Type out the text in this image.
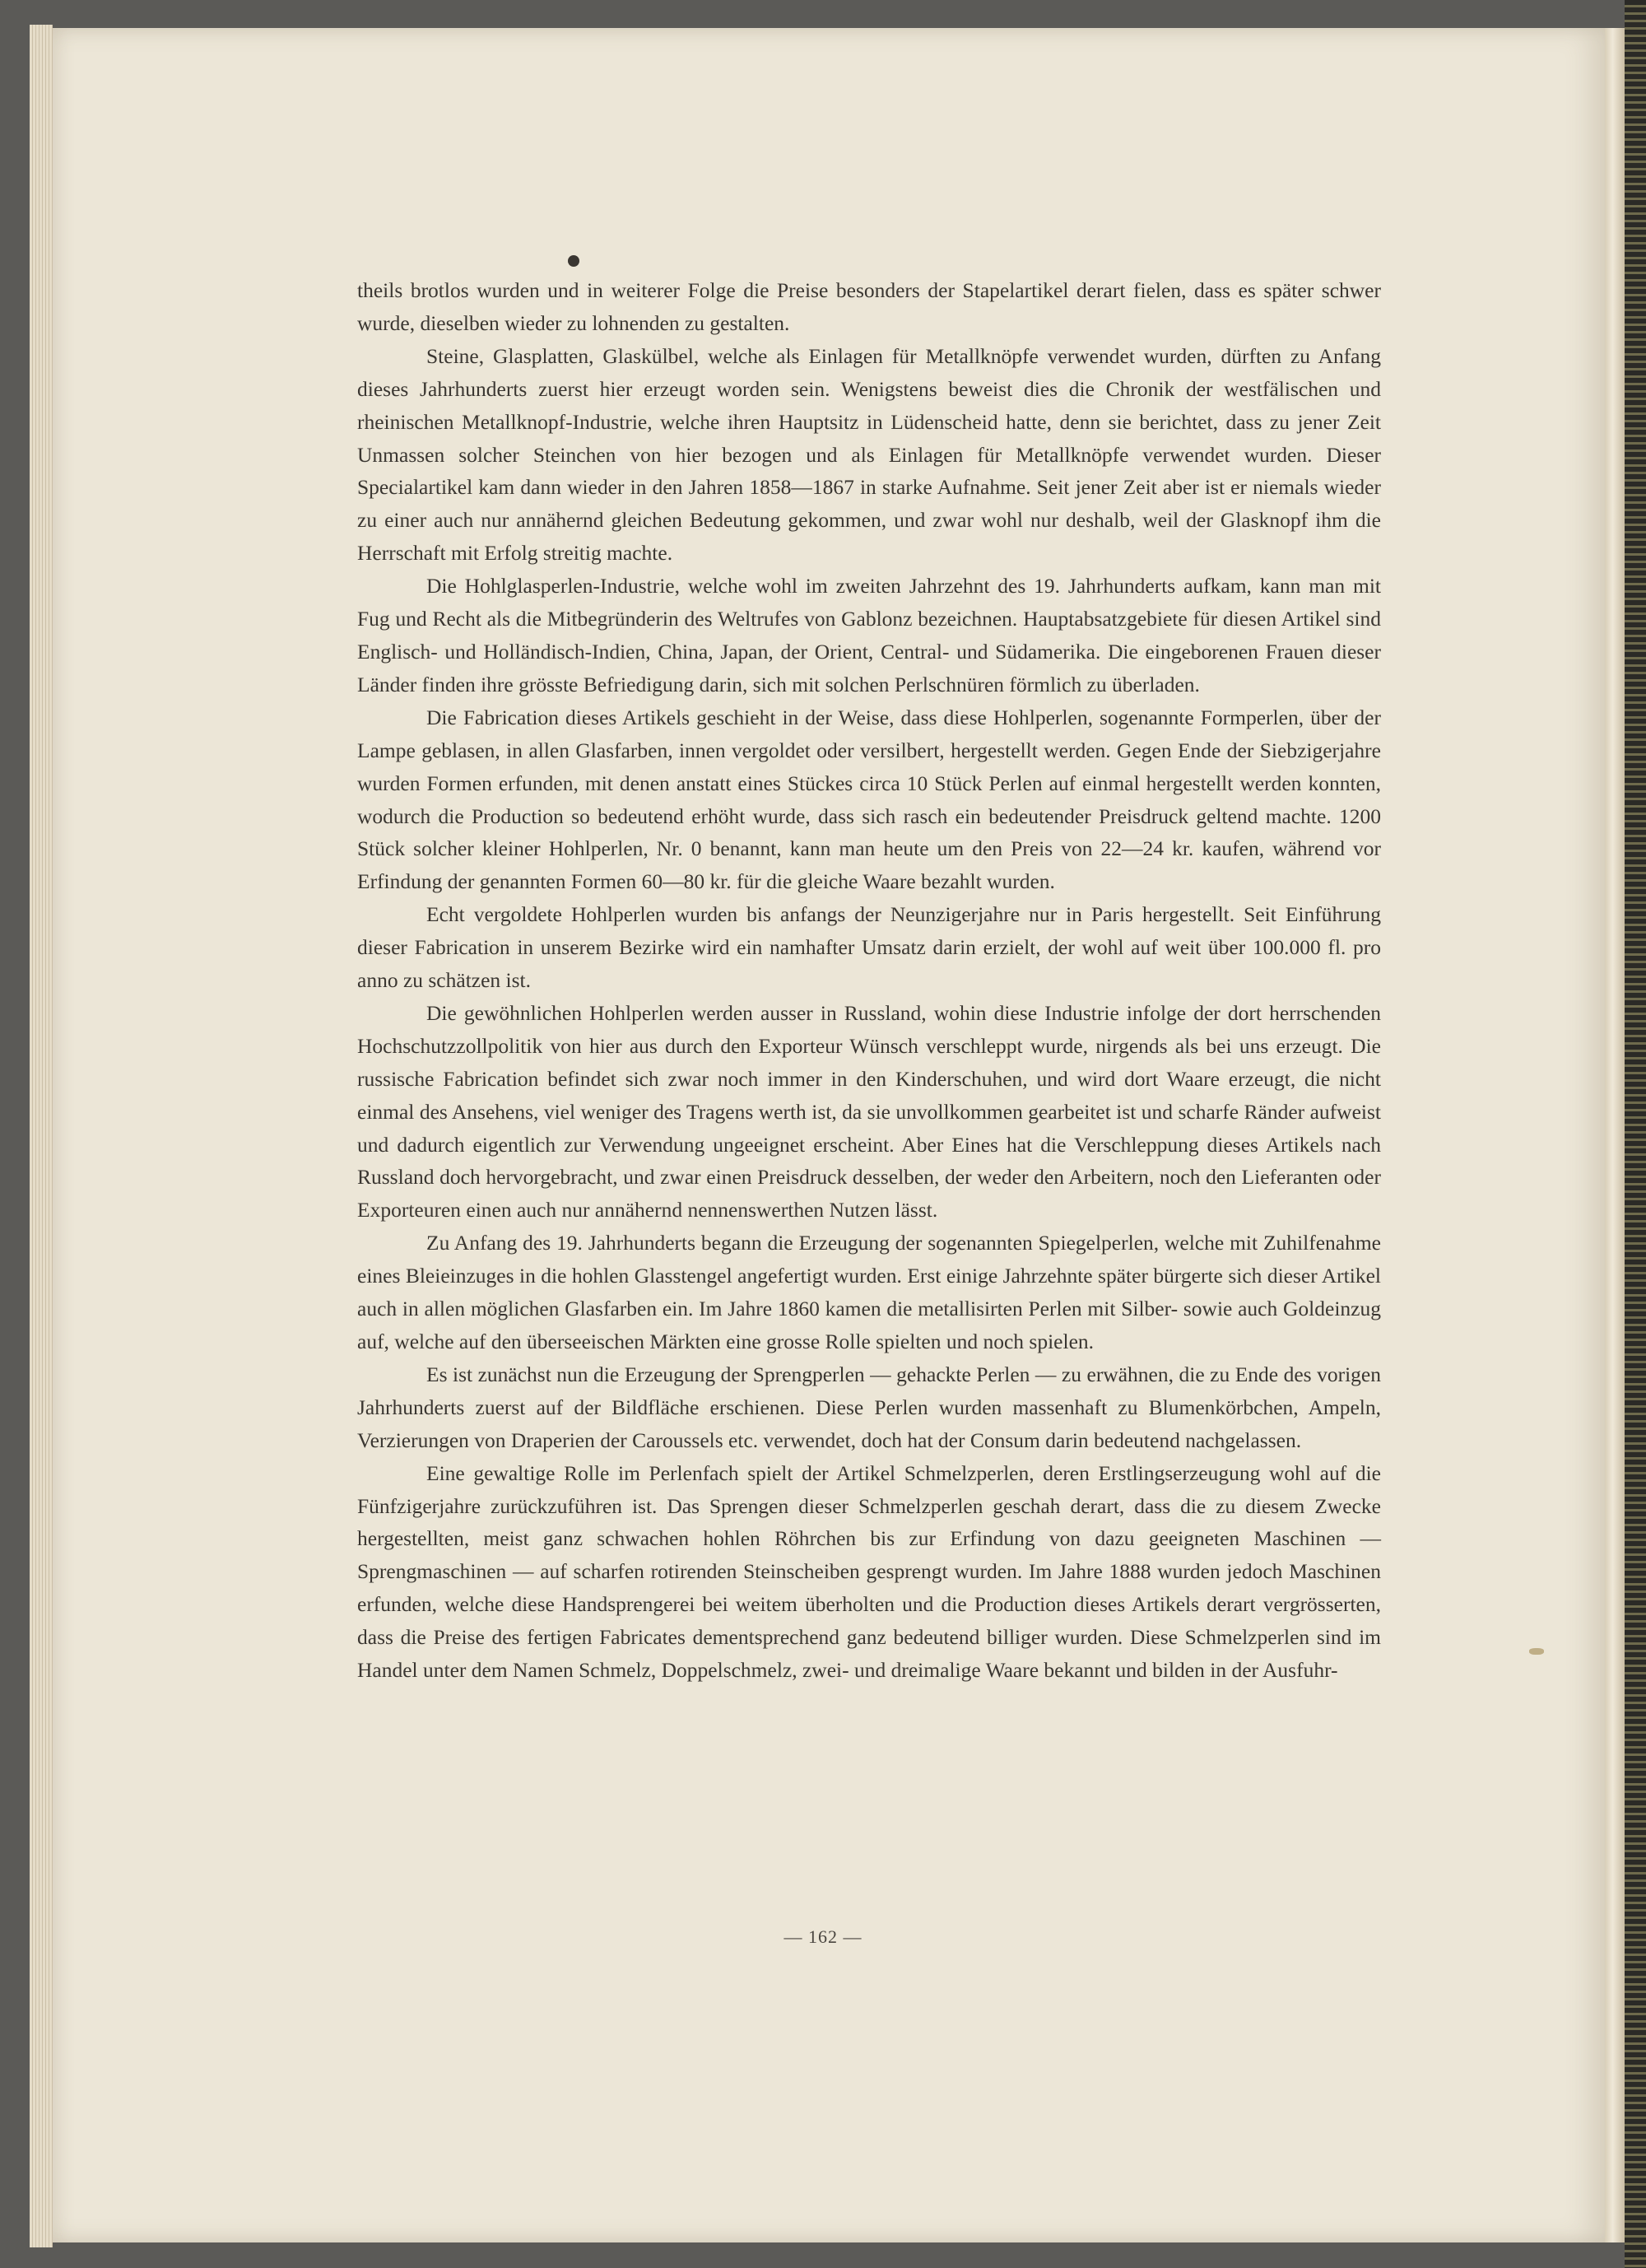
theils brotlos wurden und in weiterer Folge die Preise besonders der Stapelartikel derart fielen, dass es später schwer wurde, dieselben wieder zu lohnenden zu gestalten.

Steine, Glasplatten, Glaskülbel, welche als Einlagen für Metallknöpfe verwendet wurden, dürften zu Anfang dieses Jahrhunderts zuerst hier erzeugt worden sein. Wenigstens beweist dies die Chronik der westfälischen und rheinischen Metallknopf-Industrie, welche ihren Hauptsitz in Lüdenscheid hatte, denn sie berichtet, dass zu jener Zeit Unmassen solcher Steinchen von hier bezogen und als Einlagen für Metallknöpfe verwendet wurden. Dieser Specialartikel kam dann wieder in den Jahren 1858—1867 in starke Aufnahme. Seit jener Zeit aber ist er niemals wieder zu einer auch nur annähernd gleichen Bedeutung gekommen, und zwar wohl nur deshalb, weil der Glasknopf ihm die Herrschaft mit Erfolg streitig machte.

Die Hohlglasperlen-Industrie, welche wohl im zweiten Jahrzehnt des 19. Jahrhunderts aufkam, kann man mit Fug und Recht als die Mitbegründerin des Weltrufes von Gablonz bezeichnen. Hauptabsatzgebiete für diesen Artikel sind Englisch- und Holländisch-Indien, China, Japan, der Orient, Central- und Südamerika. Die eingeborenen Frauen dieser Länder finden ihre grösste Befriedigung darin, sich mit solchen Perlschnüren förmlich zu überladen.

Die Fabrication dieses Artikels geschieht in der Weise, dass diese Hohlperlen, sogenannte Formperlen, über der Lampe geblasen, in allen Glasfarben, innen vergoldet oder versilbert, hergestellt werden. Gegen Ende der Siebzigerjahre wurden Formen erfunden, mit denen anstatt eines Stückes circa 10 Stück Perlen auf einmal hergestellt werden konnten, wodurch die Production so bedeutend erhöht wurde, dass sich rasch ein bedeutender Preisdruck geltend machte. 1200 Stück solcher kleiner Hohlperlen, Nr. 0 benannt, kann man heute um den Preis von 22—24 kr. kaufen, während vor Erfindung der genannten Formen 60—80 kr. für die gleiche Waare bezahlt wurden.

Echt vergoldete Hohlperlen wurden bis anfangs der Neunzigerjahre nur in Paris hergestellt. Seit Einführung dieser Fabrication in unserem Bezirke wird ein namhafter Umsatz darin erzielt, der wohl auf weit über 100.000 fl. pro anno zu schätzen ist.

Die gewöhnlichen Hohlperlen werden ausser in Russland, wohin diese Industrie infolge der dort herrschenden Hochschutzzollpolitik von hier aus durch den Exporteur Wünsch verschleppt wurde, nirgends als bei uns erzeugt. Die russische Fabrication befindet sich zwar noch immer in den Kinderschuhen, und wird dort Waare erzeugt, die nicht einmal des Ansehens, viel weniger des Tragens werth ist, da sie unvollkommen gearbeitet ist und scharfe Ränder aufweist und dadurch eigentlich zur Verwendung ungeeignet erscheint. Aber Eines hat die Verschleppung dieses Artikels nach Russland doch hervorgebracht, und zwar einen Preisdruck desselben, der weder den Arbeitern, noch den Lieferanten oder Exporteuren einen auch nur annähernd nennenswerthen Nutzen lässt.

Zu Anfang des 19. Jahrhunderts begann die Erzeugung der sogenannten Spiegelperlen, welche mit Zuhilfenahme eines Bleieinzuges in die hohlen Glasstengel angefertigt wurden. Erst einige Jahrzehnte später bürgerte sich dieser Artikel auch in allen möglichen Glasfarben ein. Im Jahre 1860 kamen die metallisirten Perlen mit Silber- sowie auch Goldeinzug auf, welche auf den überseeischen Märkten eine grosse Rolle spielten und noch spielen.

Es ist zunächst nun die Erzeugung der Sprengperlen — gehackte Perlen — zu erwähnen, die zu Ende des vorigen Jahrhunderts zuerst auf der Bildfläche erschienen. Diese Perlen wurden massenhaft zu Blumenkörbchen, Ampeln, Verzierungen von Draperien der Caroussels etc. verwendet, doch hat der Consum darin bedeutend nachgelassen.

Eine gewaltige Rolle im Perlenfach spielt der Artikel Schmelzperlen, deren Erstlingserzeugung wohl auf die Fünfzigerjahre zurückzuführen ist. Das Sprengen dieser Schmelzperlen geschah derart, dass die zu diesem Zwecke hergestellten, meist ganz schwachen hohlen Röhrchen bis zur Erfindung von dazu geeigneten Maschinen — Sprengmaschinen — auf scharfen rotirenden Steinscheiben gesprengt wurden. Im Jahre 1888 wurden jedoch Maschinen erfunden, welche diese Handsprengerei bei weitem überholten und die Production dieses Artikels derart vergrösserten, dass die Preise des fertigen Fabricates dementsprechend ganz bedeutend billiger wurden. Diese Schmelzperlen sind im Handel unter dem Namen Schmelz, Doppelschmelz, zwei- und dreimalige Waare bekannt und bilden in der Ausfuhr-

— 162 —
